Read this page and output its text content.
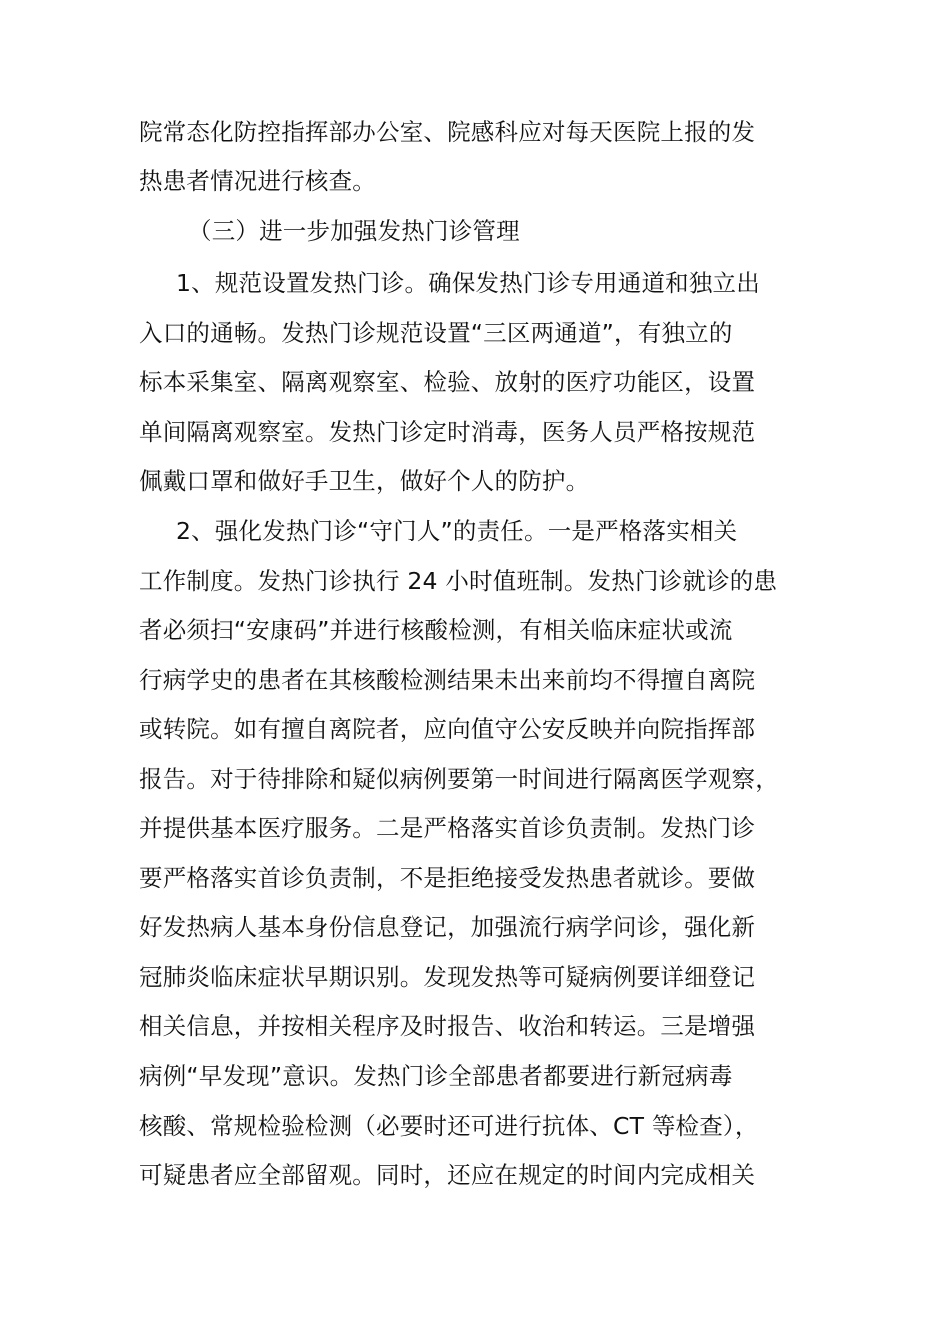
院常态化防控指挥部办公室、院感科应对每天医院上报的发

热患者情况进行核查。

（三）进一步加强发热门诊管理

1、规范设置发热门诊。确保发热门诊专用通道和独立出

入口的通畅。发热门诊规范设置“三区两通道”，有独立的

标本采集室、隔离观察室、检验、放射的医疗功能区，设置

单间隔离观察室。发热门诊定时消毒，医务人员严格按规范

佩戴口罩和做好手卫生，做好个人的防护。

2、强化发热门诊“守门人”的责任。一是严格落实相关

工作制度。发热门诊执行 24 小时值班制。发热门诊就诊的患

者必须扫“安康码”并进行核酸检测，有相关临床症状或流

行病学史的患者在其核酸检测结果未出来前均不得擅自离院

或转院。如有擅自离院者，应向值守公安反映并向院指挥部

报告。对于待排除和疑似病例要第一时间进行隔离医学观察，

并提供基本医疗服务。二是严格落实首诊负责制。发热门诊

要严格落实首诊负责制，不是拒绝接受发热患者就诊。要做

好发热病人基本身份信息登记，加强流行病学问诊，强化新

冠肺炎临床症状早期识别。发现发热等可疑病例要详细登记

相关信息，并按相关程序及时报告、收治和转运。三是增强

病例“早发现”意识。发热门诊全部患者都要进行新冠病毒

核酸、常规检验检测（必要时还可进行抗体、CT 等检查），

可疑患者应全部留观。同时，还应在规定的时间内完成相关
